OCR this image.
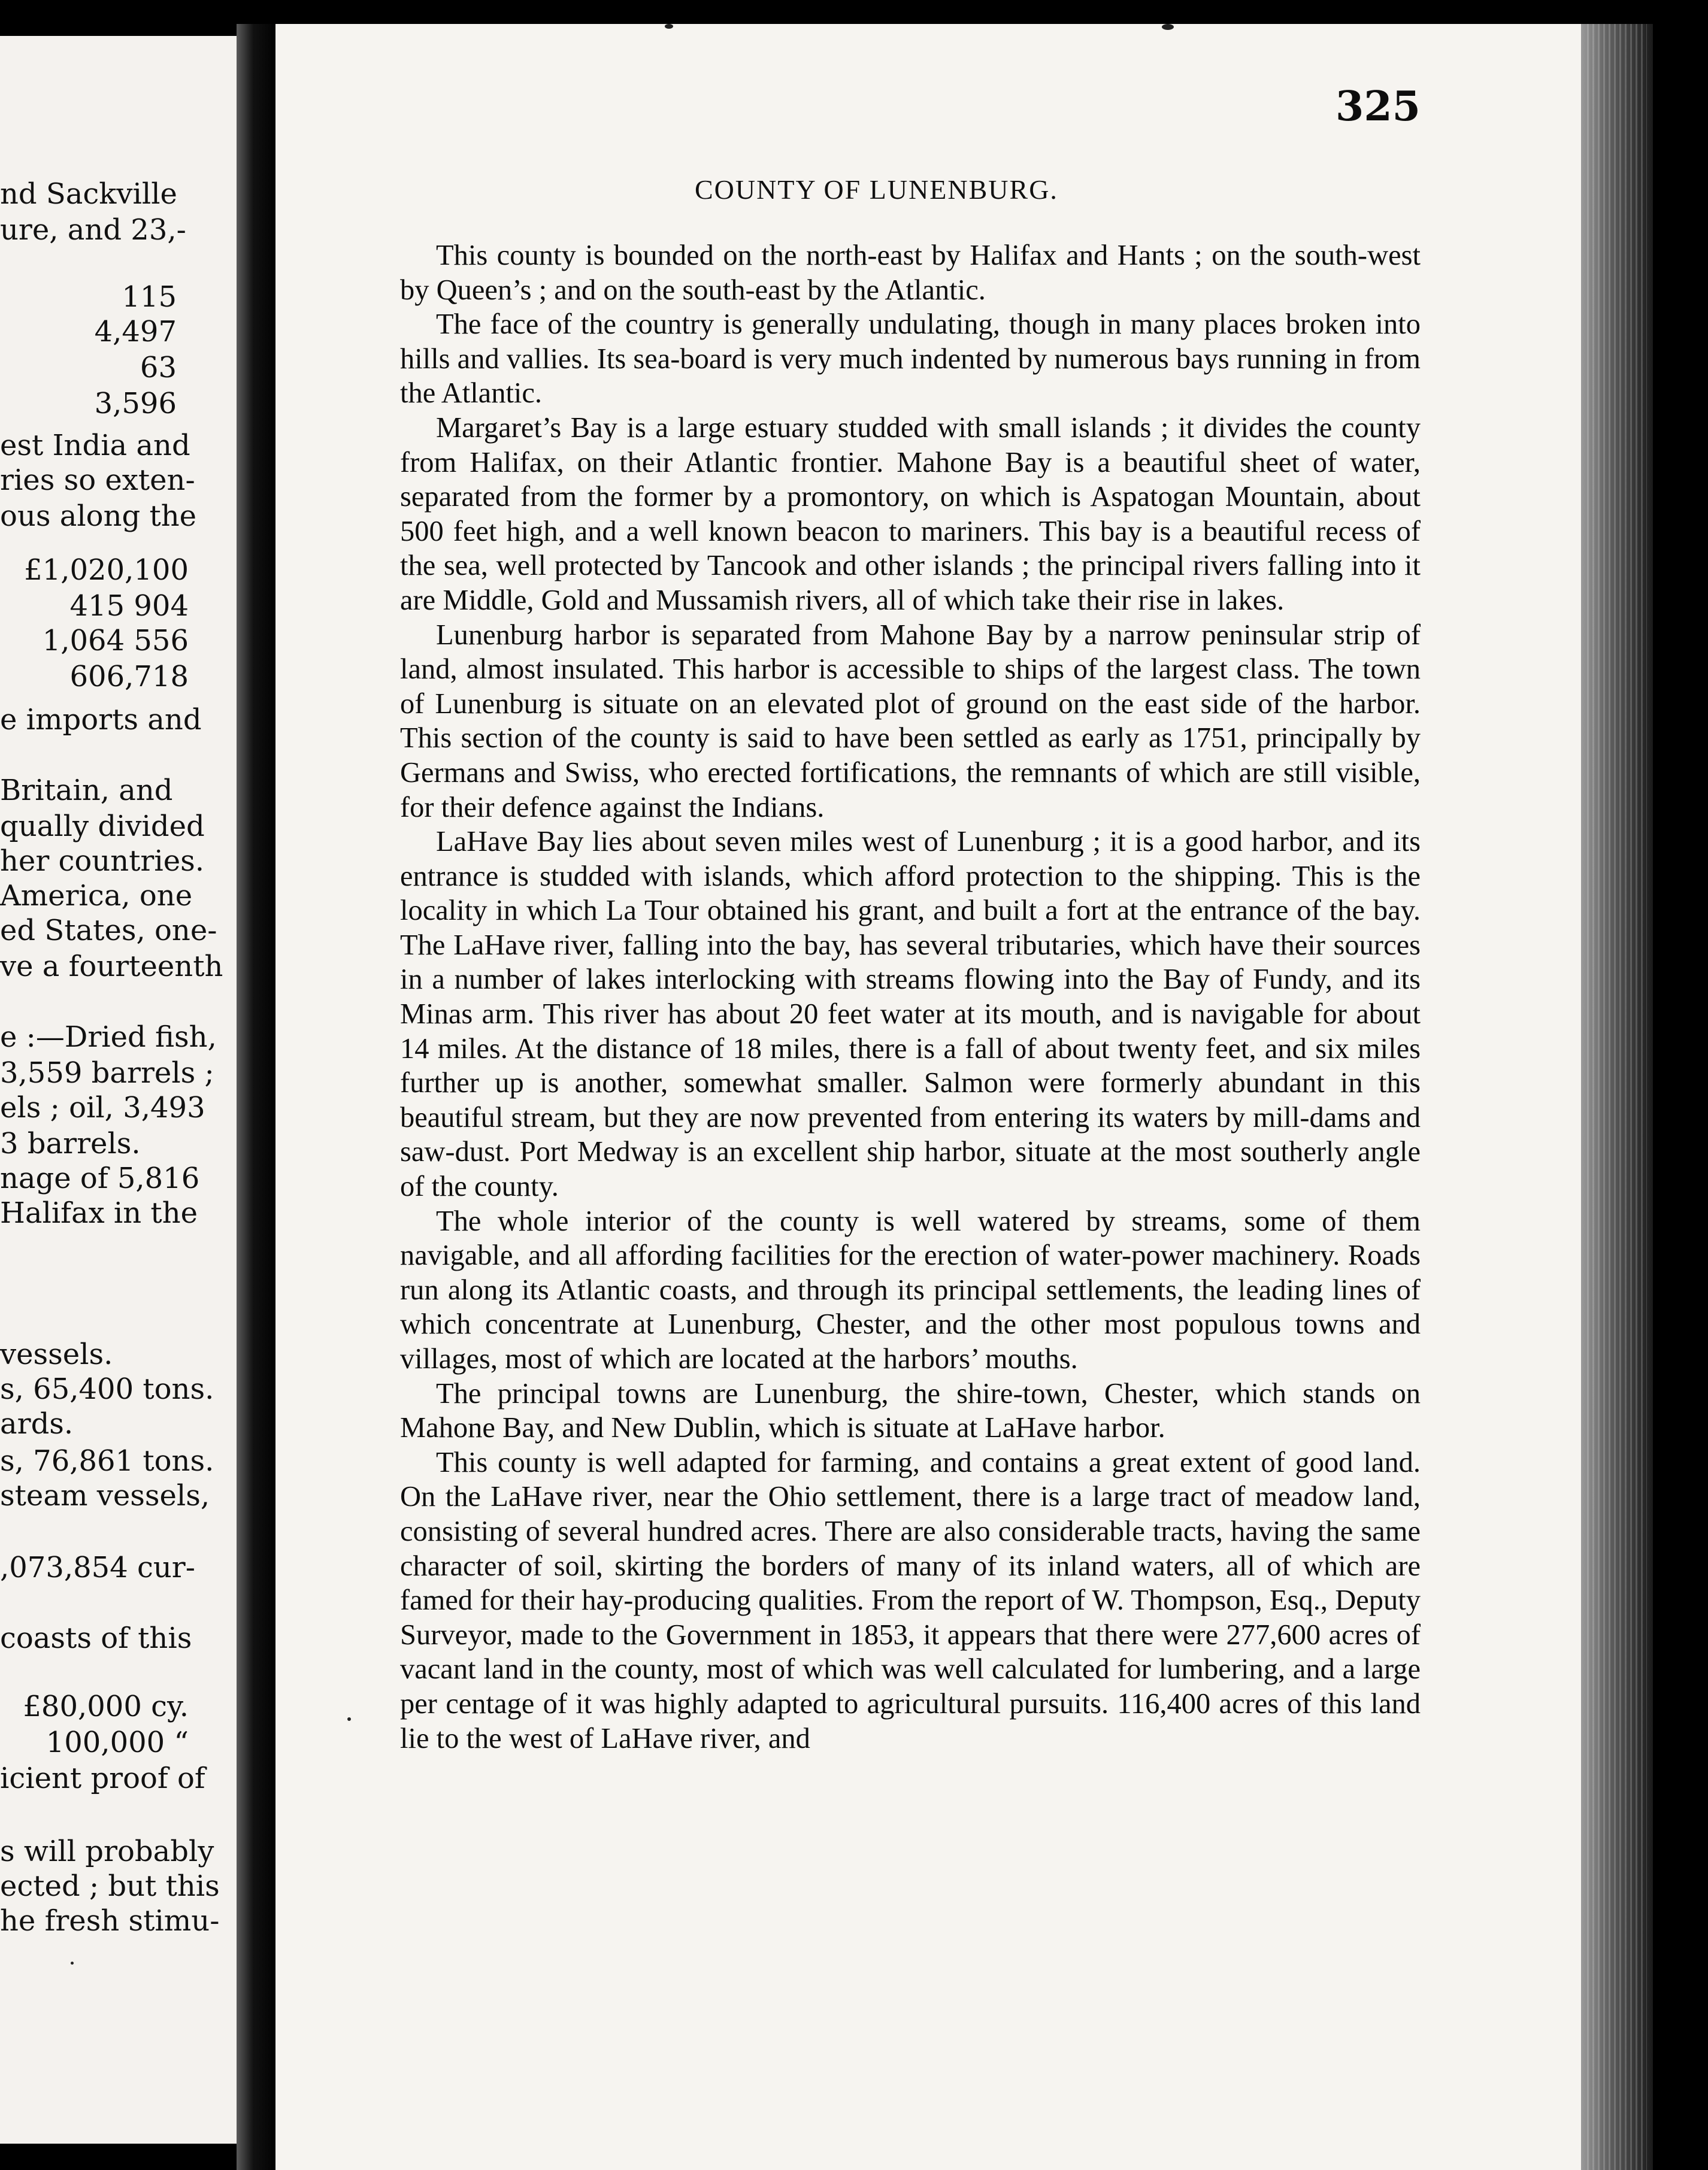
nd Sackville
ure, and 23,-
115
4,497
63
3,596
est India and
ries so exten-
ous along the
£1,020,100
415 904
1,064 556
606,718
e imports and
Britain, and
qually divided
her countries.
America, one
ed States, one-
ve a fourteenth
e :—Dried fish,
3,559 barrels ;
els ; oil, 3,493
3 barrels.
nage of 5,816
Halifax in the
vessels.
s, 65,400 tons.
ards.
s, 76,861 tons.
steam vessels,
,073,854 cur-
coasts of this
£80,000 cy.
100,000 “
icient proof of
s will probably
ected ; but this
he fresh stimu-
325
COUNTY OF LUNENBURG.

This county is bounded on the north-east by Halifax and Hants ; on the south-west by Queen’s ; and on the south-east by the Atlantic.

The face of the country is generally undulating, though in many places broken into hills and vallies. Its sea-board is very much indented by numerous bays running in from the Atlantic.

Margaret’s Bay is a large estuary studded with small islands ; it divides the county from Halifax, on their Atlantic frontier. Mahone Bay is a beautiful sheet of water, separated from the former by a promontory, on which is Aspatogan Mountain, about 500 feet high, and a well known beacon to mariners. This bay is a beautiful recess of the sea, well protected by Tancook and other islands ; the principal rivers falling into it are Middle, Gold and Mussamish rivers, all of which take their rise in lakes.

Lunenburg harbor is separated from Mahone Bay by a narrow peninsular strip of land, almost insulated. This harbor is accessible to ships of the largest class. The town of Lunenburg is situate on an elevated plot of ground on the east side of the harbor. This section of the county is said to have been settled as early as 1751, principally by Germans and Swiss, who erected fortifications, the remnants of which are still visible, for their defence against the Indians.

LaHave Bay lies about seven miles west of Lunenburg ; it is a good harbor, and its entrance is studded with islands, which afford protection to the shipping. This is the locality in which La Tour obtained his grant, and built a fort at the entrance of the bay. The LaHave river, falling into the bay, has several tributaries, which have their sources in a number of lakes interlocking with streams flowing into the Bay of Fundy, and its Minas arm. This river has about 20 feet water at its mouth, and is navigable for about 14 miles. At the distance of 18 miles, there is a fall of about twenty feet, and six miles further up is another, somewhat smaller. Salmon were formerly abundant in this beautiful stream, but they are now prevented from entering its waters by mill-dams and saw-dust. Port Medway is an excellent ship harbor, situate at the most southerly angle of the county.

The whole interior of the county is well watered by streams, some of them navigable, and all affording facilities for the erection of water-power machinery. Roads run along its Atlantic coasts, and through its principal settlements, the leading lines of which concentrate at Lunenburg, Chester, and the other most populous towns and villages, most of which are located at the harbors’ mouths.

The principal towns are Lunenburg, the shire-town, Chester, which stands on Mahone Bay, and New Dublin, which is situate at LaHave harbor.

This county is well adapted for farming, and contains a great extent of good land. On the LaHave river, near the Ohio settlement, there is a large tract of meadow land, consisting of several hundred acres. There are also considerable tracts, having the same character of soil, skirting the borders of many of its inland waters, all of which are famed for their hay-producing qualities. From the report of W. Thompson, Esq., Deputy Surveyor, made to the Government in 1853, it appears that there were 277,600 acres of vacant land in the county, most of which was well calculated for lumbering, and a large per centage of it was highly adapted to agricultural pursuits. 116,400 acres of this land lie to the west of LaHave river, and
